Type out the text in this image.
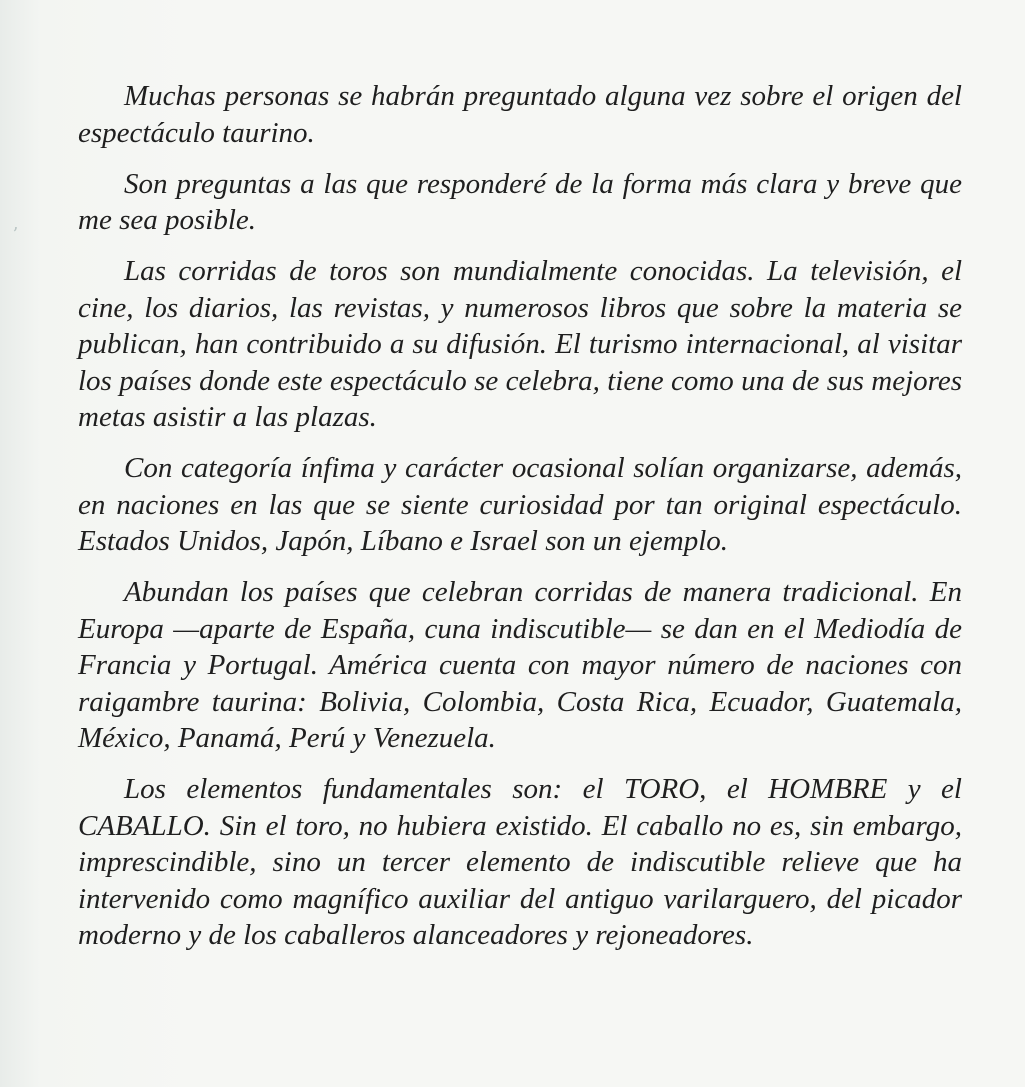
ʼ

Muchas personas se habrán preguntado alguna vez sobre el origen del espectáculo taurino.

Son preguntas a las que responderé de la forma más clara y breve que me sea posible.

Las corridas de toros son mundialmente conocidas. La televisión, el cine, los diarios, las revistas, y numerosos libros que sobre la materia se publican, han contribuido a su difusión. El turismo internacional, al visitar los países donde este espectáculo se celebra, tiene como una de sus mejores metas asistir a las plazas.

Con categoría ínfima y carácter ocasional solían organizarse, además, en naciones en las que se siente curiosidad por tan original espectáculo. Estados Unidos, Japón, Líbano e Israel son un ejemplo.

Abundan los países que celebran corridas de manera tradicional. En Europa —aparte de España, cuna indiscutible— se dan en el Mediodía de Francia y Portugal. América cuenta con mayor número de naciones con raigambre taurina: Bolivia, Colombia, Costa Rica, Ecuador, Guatemala, México, Panamá, Perú y Venezuela.

Los elementos fundamentales son: el TORO, el HOMBRE y el CABALLO. Sin el toro, no hubiera existido. El caballo no es, sin embargo, imprescindible, sino un tercer elemento de indiscutible relieve que ha intervenido como magnífico auxiliar del antiguo varilarguero, del picador moderno y de los caballeros alanceadores y rejoneadores.
